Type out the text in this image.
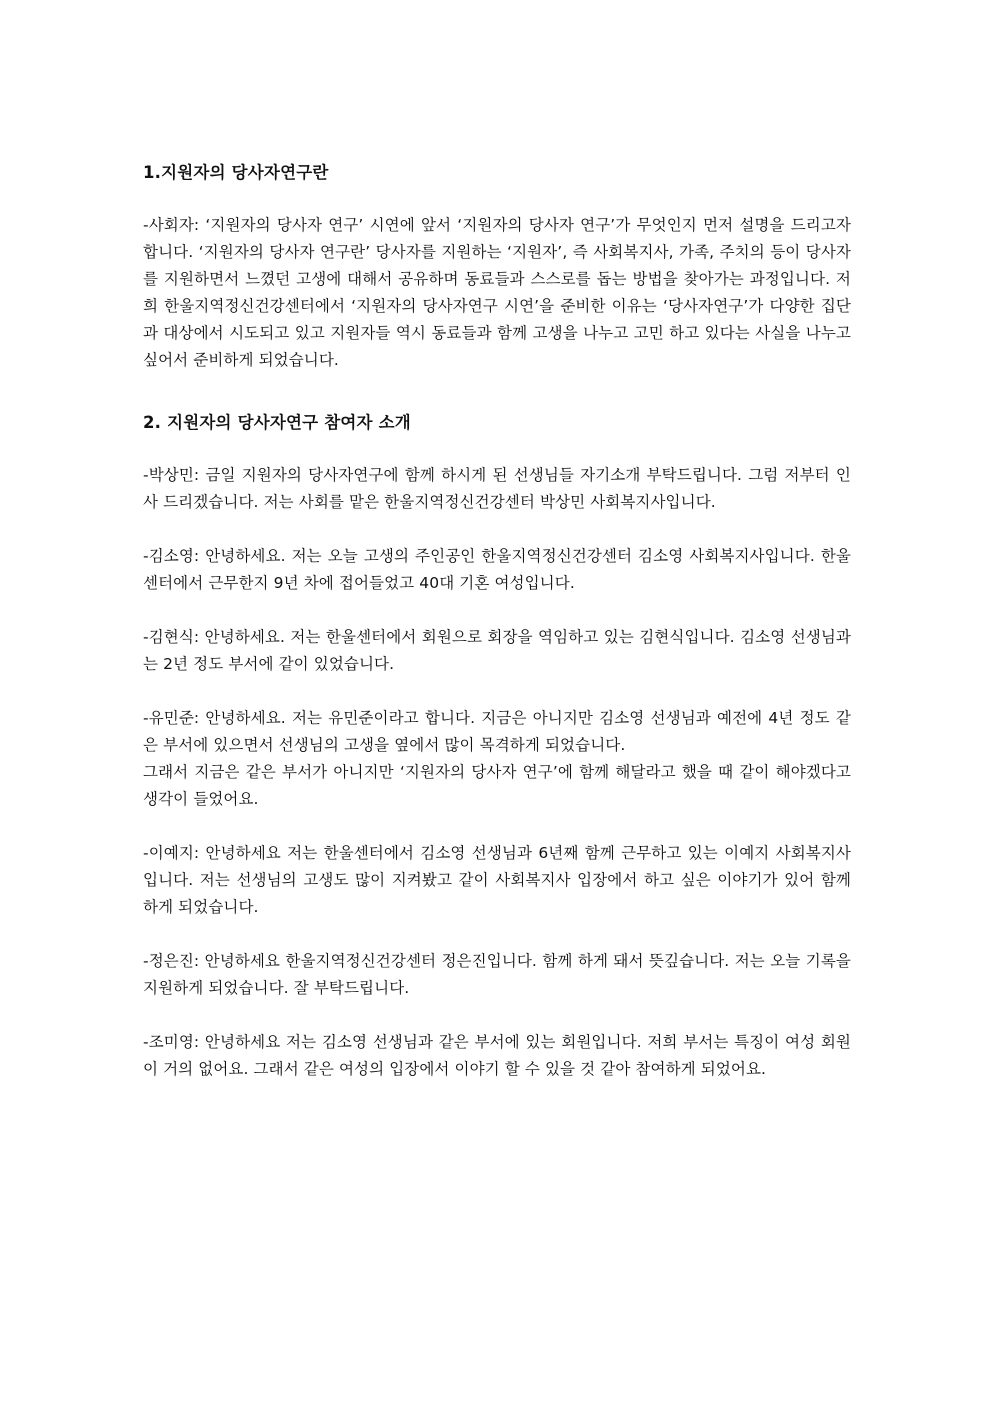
1.지원자의 당사자연구란

-사회자: ‘지원자의 당사자 연구’ 시연에 앞서 ‘지원자의 당사자 연구’가 무엇인지 먼저 설명을 드리고자 합니다. ‘지원자의 당사자 연구란’ 당사자를 지원하는 ‘지원자’, 즉 사회복지사, 가족, 주치의 등이 당사자를 지원하면서 느꼈던 고생에 대해서 공유하며 동료들과 스스로를 돕는 방법을 찾아가는 과정입니다. 저희 한울지역정신건강센터에서 ‘지원자의 당사자연구 시연’을 준비한 이유는 ‘당사자연구’가 다양한 집단과 대상에서 시도되고 있고 지원자들 역시 동료들과 함께 고생을 나누고 고민 하고 있다는 사실을 나누고 싶어서 준비하게 되었습니다.

2. 지원자의 당사자연구 참여자 소개

-박상민: 금일 지원자의 당사자연구에 함께 하시게 된 선생님들 자기소개 부탁드립니다. 그럼 저부터 인사 드리겠습니다. 저는 사회를 맡은 한울지역정신건강센터 박상민 사회복지사입니다.

-김소영: 안녕하세요. 저는 오늘 고생의 주인공인 한울지역정신건강센터 김소영 사회복지사입니다. 한울센터에서 근무한지 9년 차에 접어들었고 40대 기혼 여성입니다.

-김현식: 안녕하세요. 저는 한울센터에서 회원으로 회장을 역임하고 있는 김현식입니다. 김소영 선생님과는 2년 정도 부서에 같이 있었습니다.

-유민준: 안녕하세요. 저는 유민준이라고 합니다. 지금은 아니지만 김소영 선생님과 예전에 4년 정도 같은 부서에 있으면서 선생님의 고생을 옆에서 많이 목격하게 되었습니다.

그래서 지금은 같은 부서가 아니지만 ‘지원자의 당사자 연구’에 함께 해달라고 했을 때 같이 해야겠다고 생각이 들었어요.

-이예지: 안녕하세요 저는 한울센터에서 김소영 선생님과 6년째 함께 근무하고 있는 이예지 사회복지사입니다. 저는 선생님의 고생도 많이 지켜봤고 같이 사회복지사 입장에서 하고 싶은 이야기가 있어 함께 하게 되었습니다.

-정은진: 안녕하세요 한울지역정신건강센터 정은진입니다. 함께 하게 돼서 뜻깊습니다. 저는 오늘 기록을 지원하게 되었습니다. 잘 부탁드립니다.

-조미영: 안녕하세요 저는 김소영 선생님과 같은 부서에 있는 회원입니다. 저희 부서는 특징이 여성 회원이 거의 없어요. 그래서 같은 여성의 입장에서 이야기 할 수 있을 것 같아 참여하게 되었어요.
